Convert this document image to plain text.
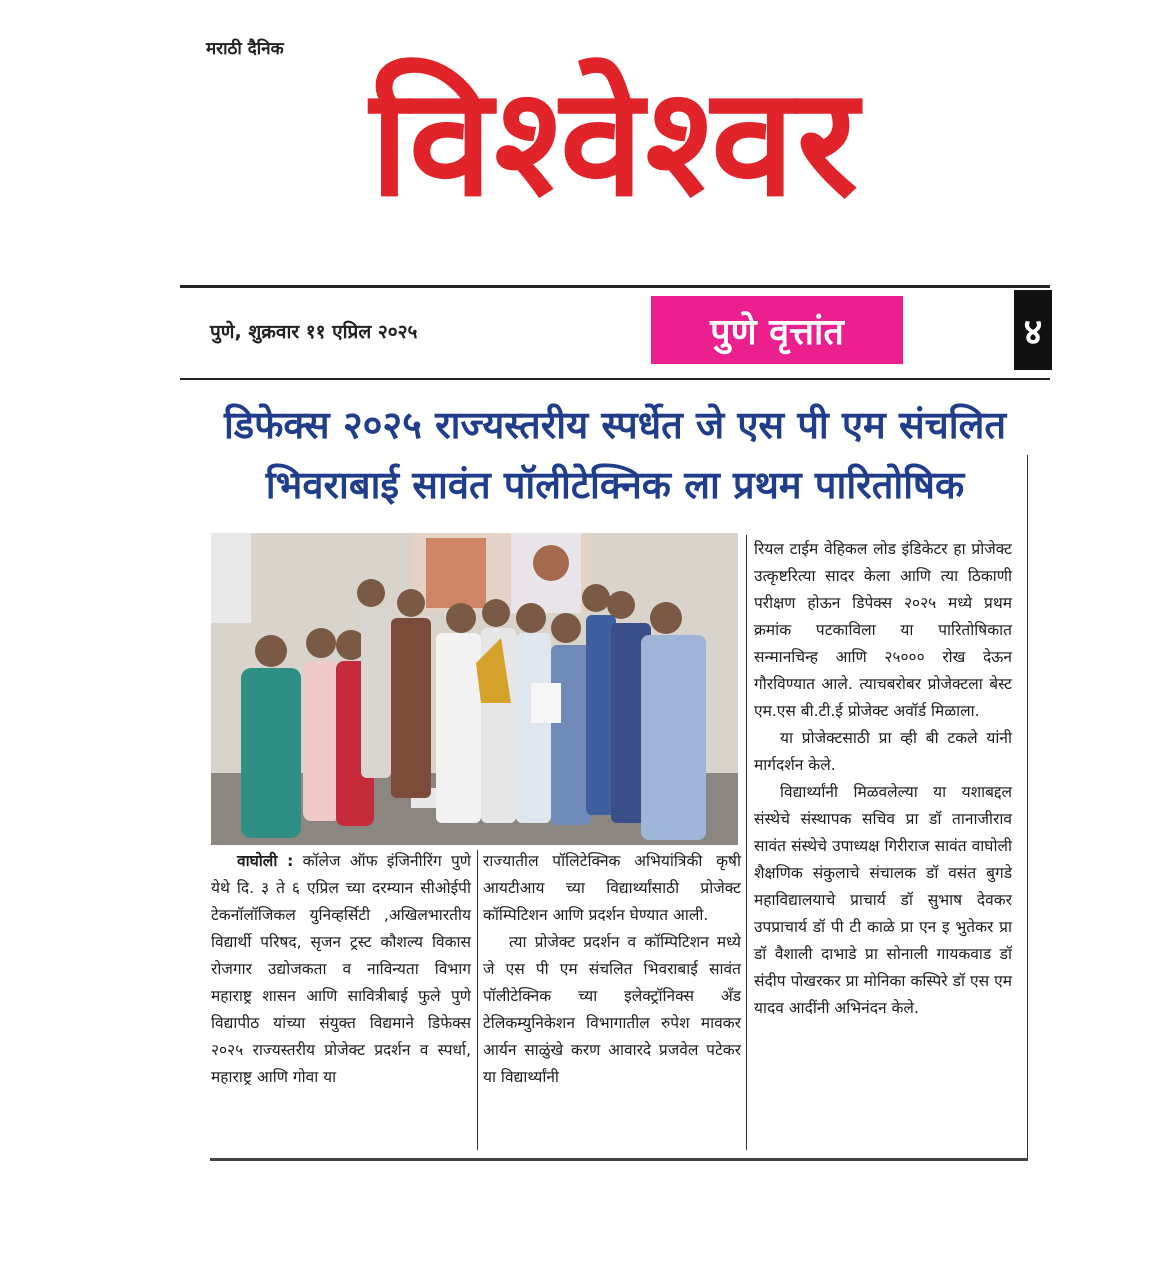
मराठी दैनिक
विश्वेश्वर
पुणे, शुक्रवार ११ एप्रिल २०२५	पुणे वृत्तांत	४
डिफेक्स २०२५ राज्यस्तरीय स्पर्धेत जे एस पी एम संचलित
भिवराबाई सावंत पॉलीटेक्निक ला प्रथम पारितोषिक

वाघोली : कॉलेज ऑफ इंजिनीरिंग पुणे येथे दि. ३ ते ६ एप्रिल च्या दरम्यान सीओईपी टेकनॉलॉजिकल युनिव्हर्सिटी ,अखिलभारतीय विद्यार्थी परिषद, सृजन ट्रस्ट कौशल्य विकास रोजगार उद्योजकता व नाविन्यता विभाग महाराष्ट्र शासन आणि सावित्रीबाई फुले पुणे विद्यापीठ यांच्या संयुक्त विद्यमाने डिफेक्स २०२५ राज्यस्तरीय प्रोजेक्ट प्रदर्शन व स्पर्धा, महाराष्ट्र आणि गोवा या

राज्यातील पॉलिटेक्निक अभियांत्रिकी कृषी आयटीआय च्या विद्यार्थ्यांसाठी प्रोजेक्ट कॉम्पिटिशन आणि प्रदर्शन घेण्यात आली.

त्या प्रोजेक्ट प्रदर्शन व कॉम्पिटिशन मध्ये जे एस पी एम संचलित भिवराबाई सावंत पॉलीटेक्निक च्या इलेक्ट्रॉनिक्स अँड टेलिकम्युनिकेशन विभागातील रुपेश मावकर आर्यन साळुंखे करण आवारदे प्रजवेल पटेकर या विद्यार्थ्यांनी

रियल टाईम वेहिकल लोड इंडिकेटर हा प्रोजेक्ट उत्कृष्टरित्या सादर केला आणि त्या ठिकाणी परीक्षण होऊन डिपेक्स २०२५ मध्ये प्रथम क्रमांक पटकाविला या पारितोषिकात सन्मानचिन्ह आणि २५००० रोख देऊन गौरविण्यात आले. त्याचबरोबर प्रोजेक्टला बेस्ट एम.एस बी.टी.ई प्रोजेक्ट अवॉर्ड मिळाला.

या प्रोजेक्टसाठी प्रा व्ही बी टकले यांनी मार्गदर्शन केले.

विद्यार्थ्यांनी मिळवलेल्या या यशाबद्दल संस्थेचे संस्थापक सचिव प्रा डॉ तानाजीराव सावंत संस्थेचे उपाध्यक्ष गिरीराज सावंत वाघोली शैक्षणिक संकुलाचे संचालक डॉ वसंत बुगडे महाविद्यालयाचे प्राचार्य डॉ सुभाष देवकर उपप्राचार्य डॉ पी टी काळे प्रा एन इ भुतेकर प्रा डॉ वैशाली दाभाडे प्रा सोनाली गायकवाड डॉ संदीप पोखरकर प्रा मोनिका कस्पिरे डॉ एस एम यादव आदींनी अभिनंदन केले.
